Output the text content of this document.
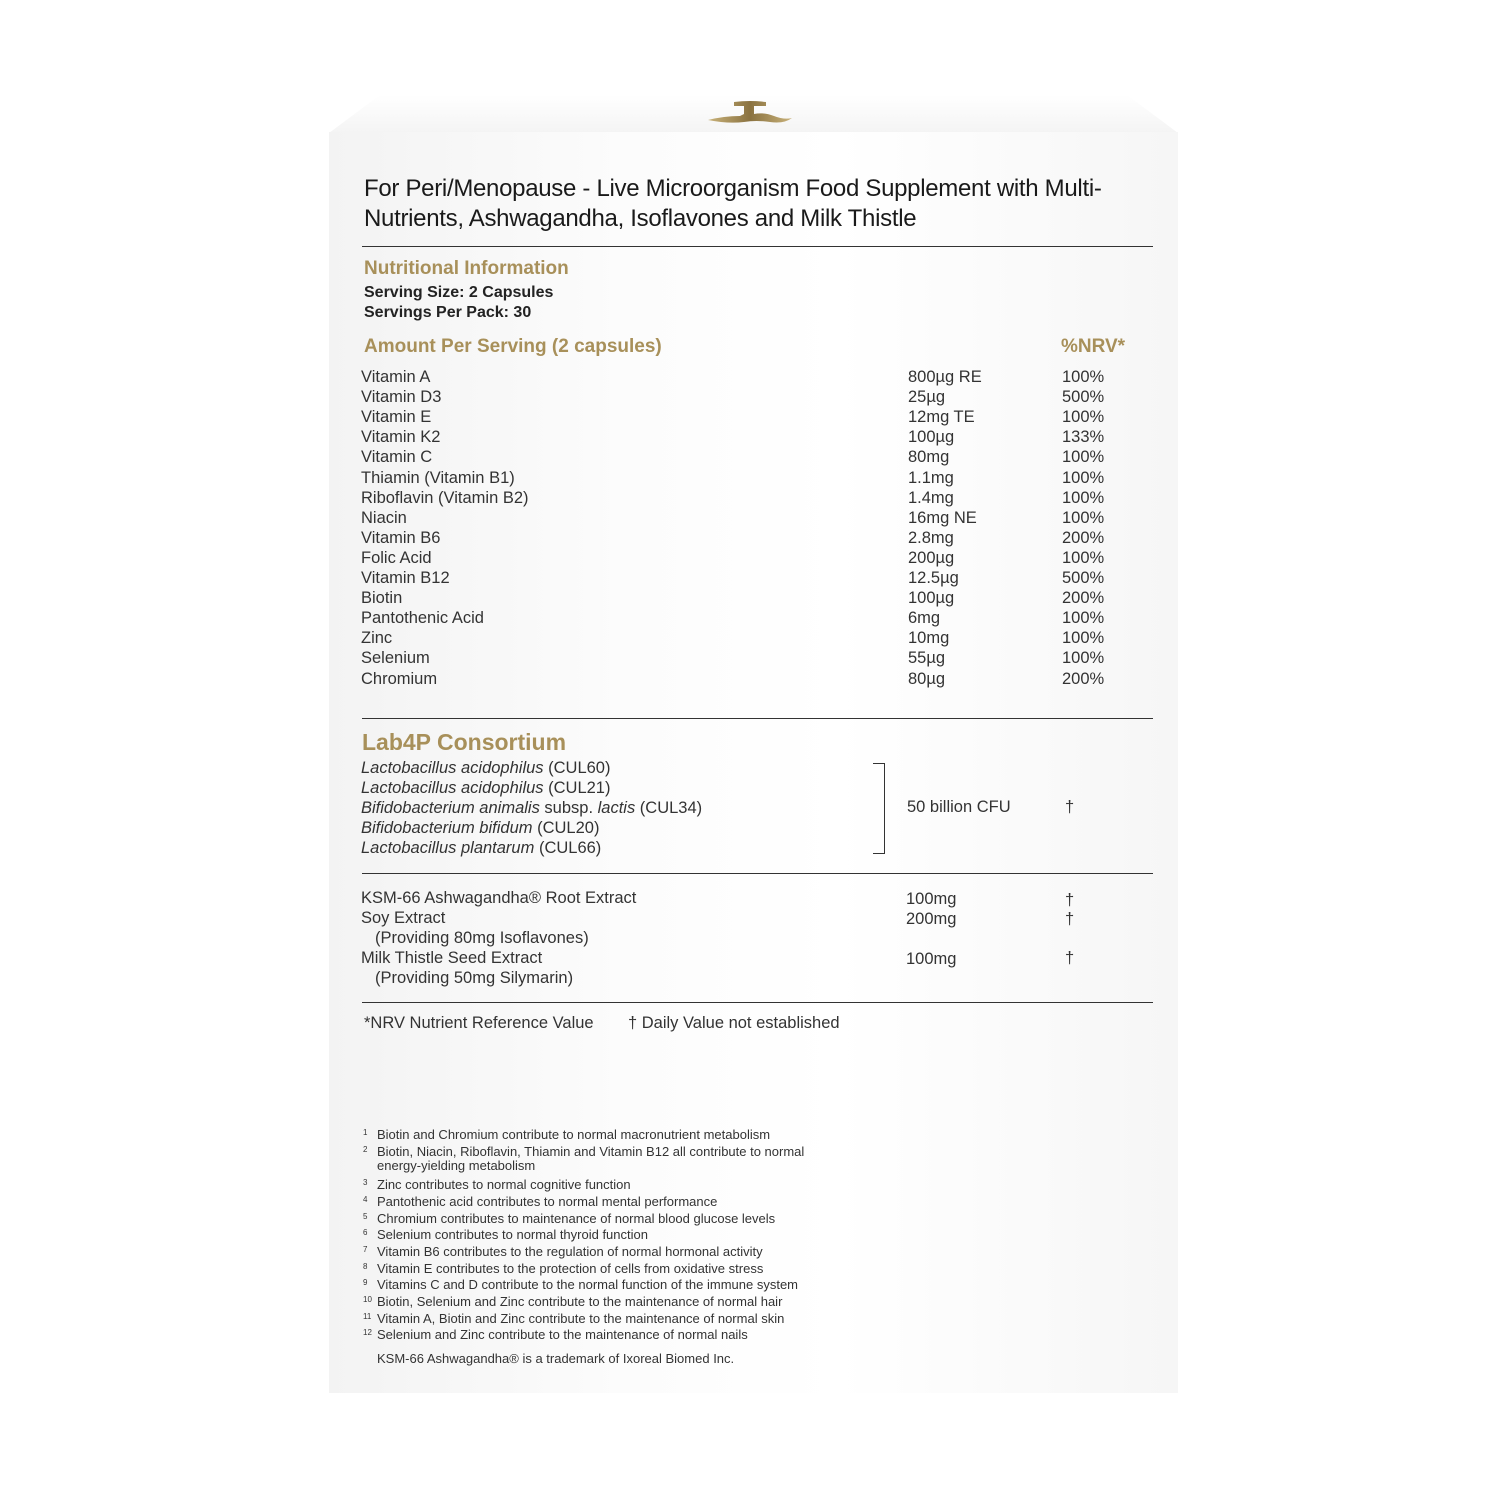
For Peri/Menopause - Live Microorganism Food Supplement with Multi-Nutrients, Ashwagandha, Isoflavones and Milk Thistle
Nutritional Information
Serving Size: 2 Capsules
Servings Per Pack: 30
Amount Per Serving (2 capsules)	%NRV*
Vitamin A	800µg RE	100%
Vitamin D3	25µg	500%
Vitamin E	12mg TE	100%
Vitamin K2	100µg	133%
Vitamin C	80mg	100%
Thiamin (Vitamin B1)	1.1mg	100%
Riboflavin (Vitamin B2)	1.4mg	100%
Niacin	16mg NE	100%
Vitamin B6	2.8mg	200%
Folic Acid	200µg	100%
Vitamin B12	12.5µg	500%
Biotin	100µg	200%
Pantothenic Acid	6mg	100%
Zinc	10mg	100%
Selenium	55µg	100%
Chromium	80µg	200%
Lab4P Consortium
Lactobacillus acidophilus (CUL60)
Lactobacillus acidophilus (CUL21)
Bifidobacterium animalis subsp. lactis (CUL34)
Bifidobacterium bifidum (CUL20)
Lactobacillus plantarum (CUL66)
50 billion CFU	†
KSM-66 Ashwagandha® Root Extract	100mg	†
Soy Extract
(Providing 80mg Isoflavones)
200mg	†
Milk Thistle Seed Extract
(Providing 50mg Silymarin)
100mg	†
*NRV Nutrient Reference Value † Daily Value not established
$^1$ Biotin and Chromium contribute to normal macronutrient metabolism
$^2$ Biotin, Niacin, Riboflavin, Thiamin and Vitamin B12 all contribute to normal
energy-yielding metabolism
$^3$ Zinc contributes to normal cognitive function
$^4$ Pantothenic acid contributes to normal mental performance
$^5$ Chromium contributes to maintenance of normal blood glucose levels
$^6$ Selenium contributes to normal thyroid function
$^7$ Vitamin B6 contributes to the regulation of normal hormonal activity
$^8$ Vitamin E contributes to the protection of cells from oxidative stress
$^9$ Vitamins C and D contribute to the normal function of the immune system
$^{10}$ Biotin, Selenium and Zinc contribute to the maintenance of normal hair
$^{11}$ Vitamin A, Biotin and Zinc contribute to the maintenance of normal skin
$^{12}$ Selenium and Zinc contribute to the maintenance of normal nails
KSM-66 Ashwagandha® is a trademark of Ixoreal Biomed Inc.
